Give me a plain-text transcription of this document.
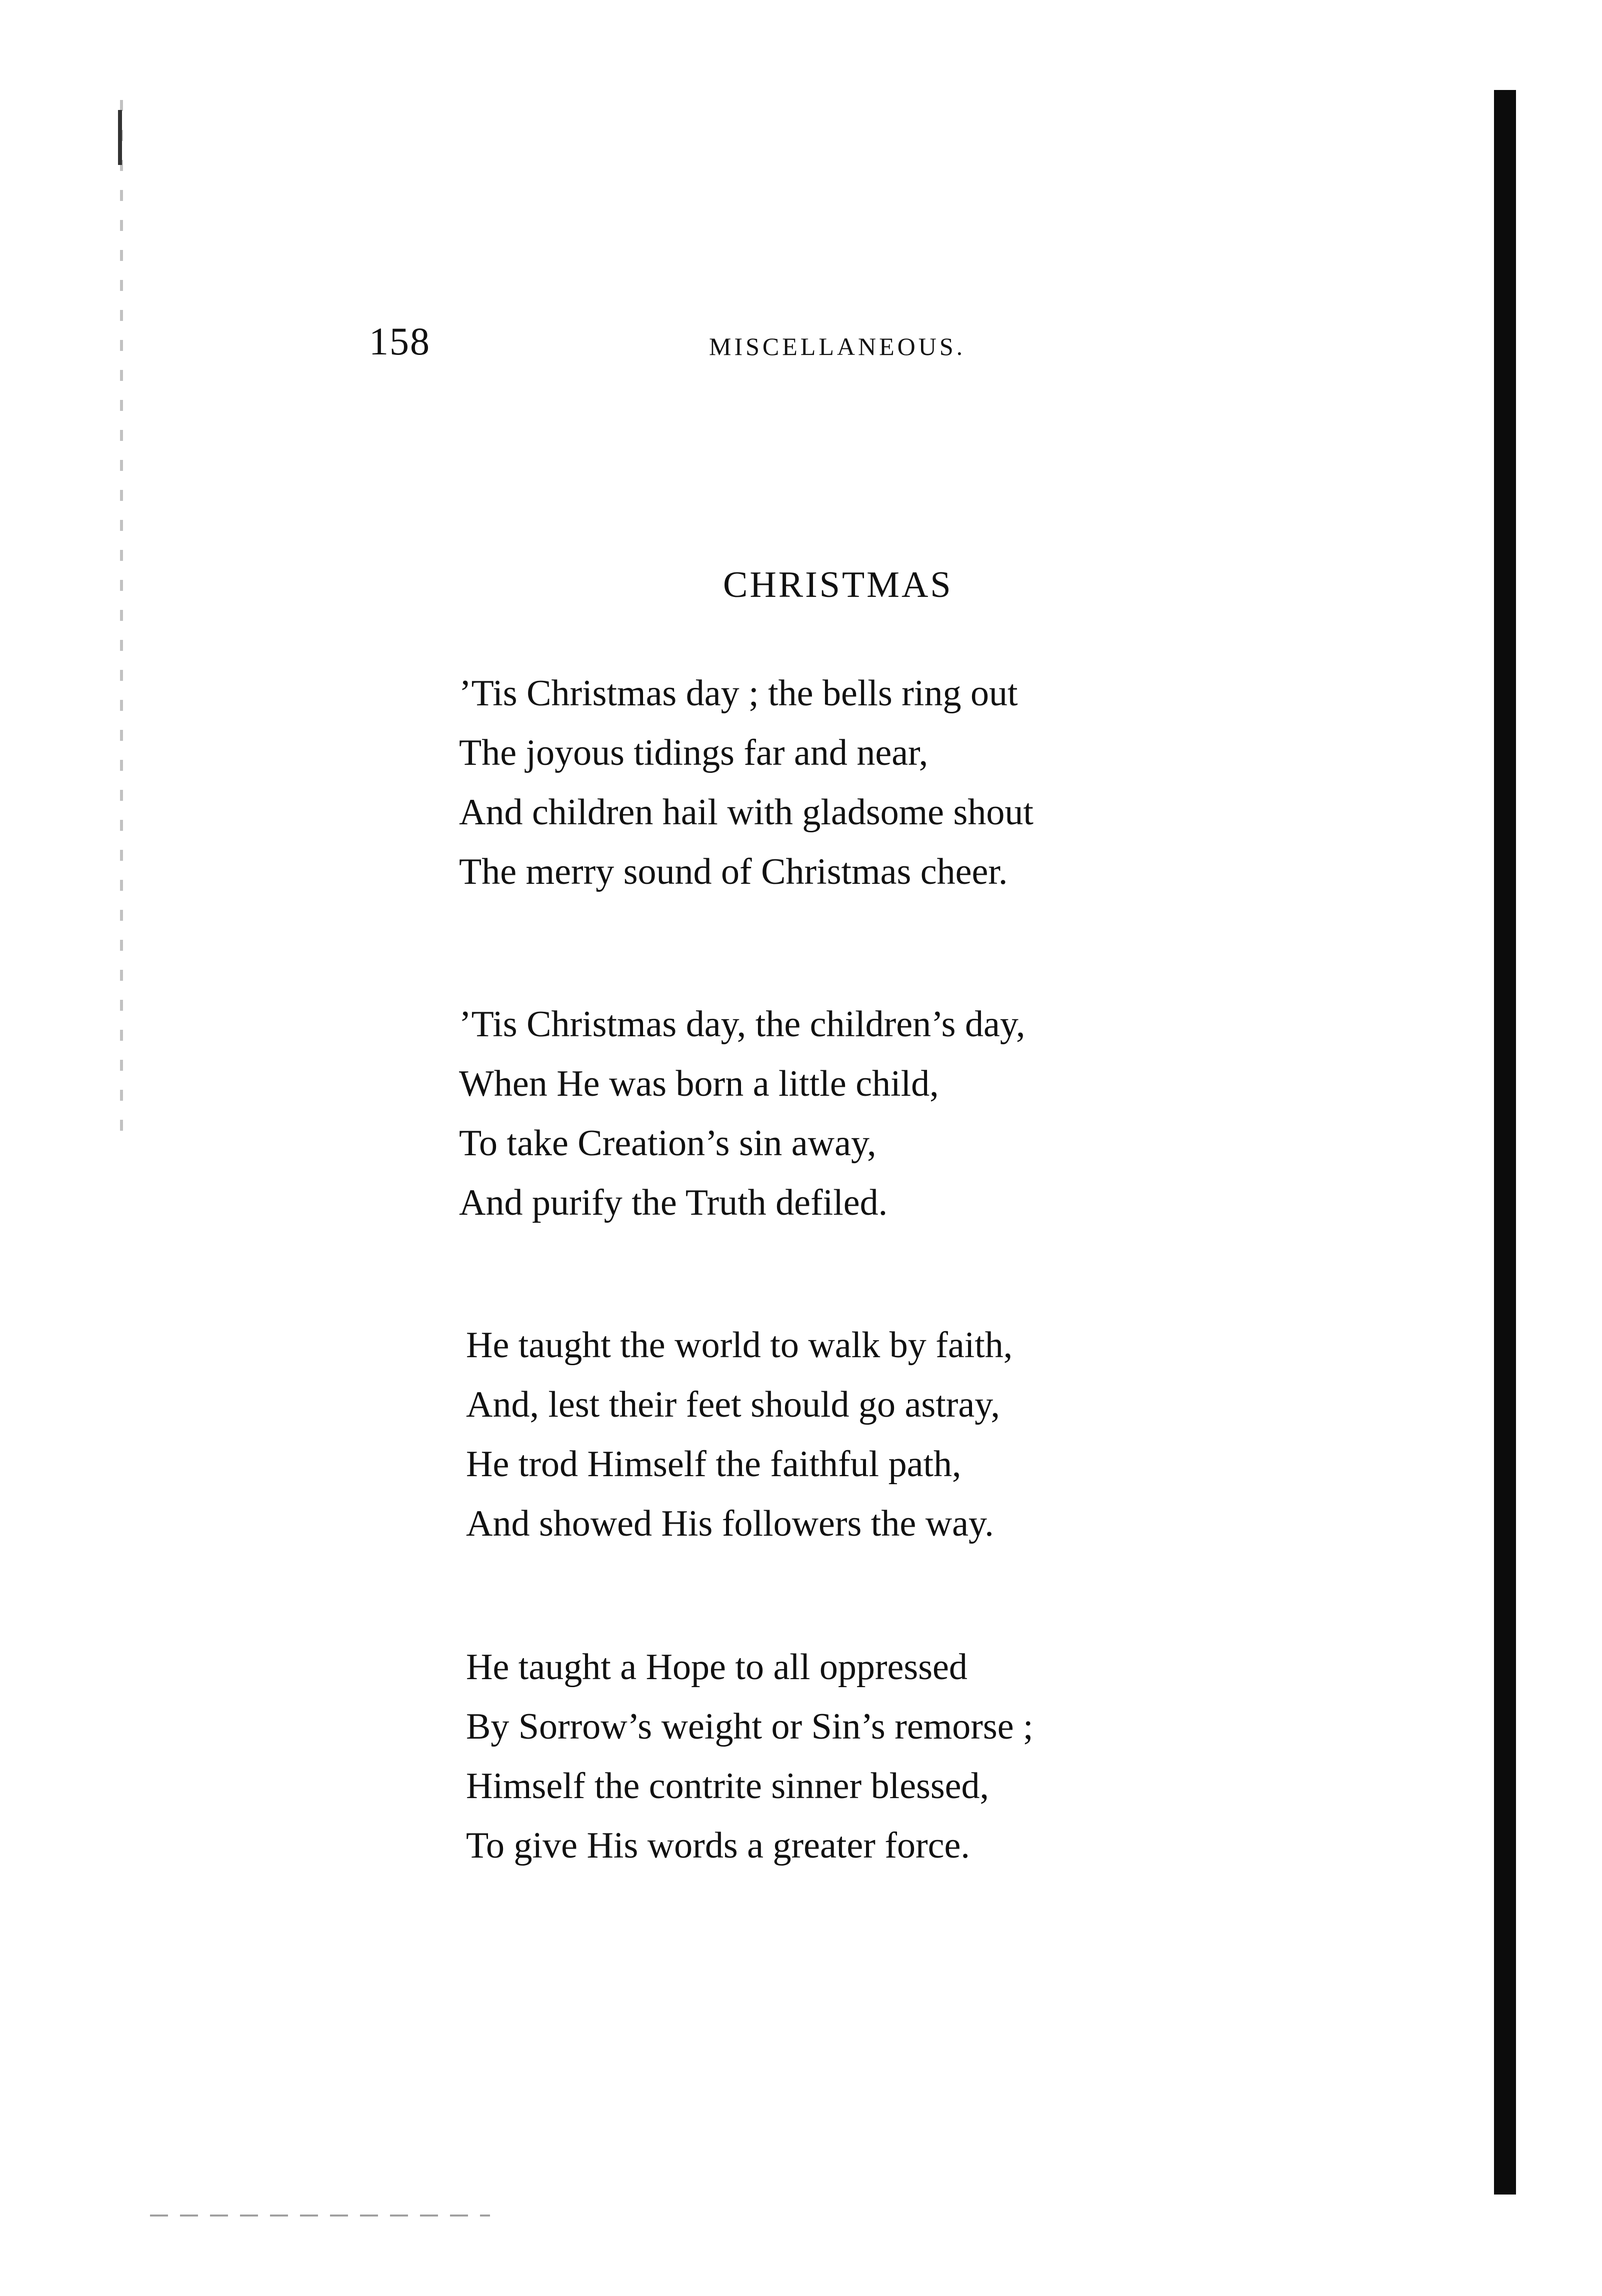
158	MISCELLANEOUS.
CHRISTMAS
’Tis Christmas day ; the bells ring out
The joyous tidings far and near,
And children hail with gladsome shout
The merry sound of Christmas cheer.
’Tis Christmas day, the children’s day,
When He was born a little child,
To take Creation’s sin away,
And purify the Truth defiled.
He taught the world to walk by faith,
And, lest their feet should go astray,
He trod Himself the faithful path,
And showed His followers the way.
He taught a Hope to all oppressed
By Sorrow’s weight or Sin’s remorse ;
Himself the contrite sinner blessed,
To give His words a greater force.
